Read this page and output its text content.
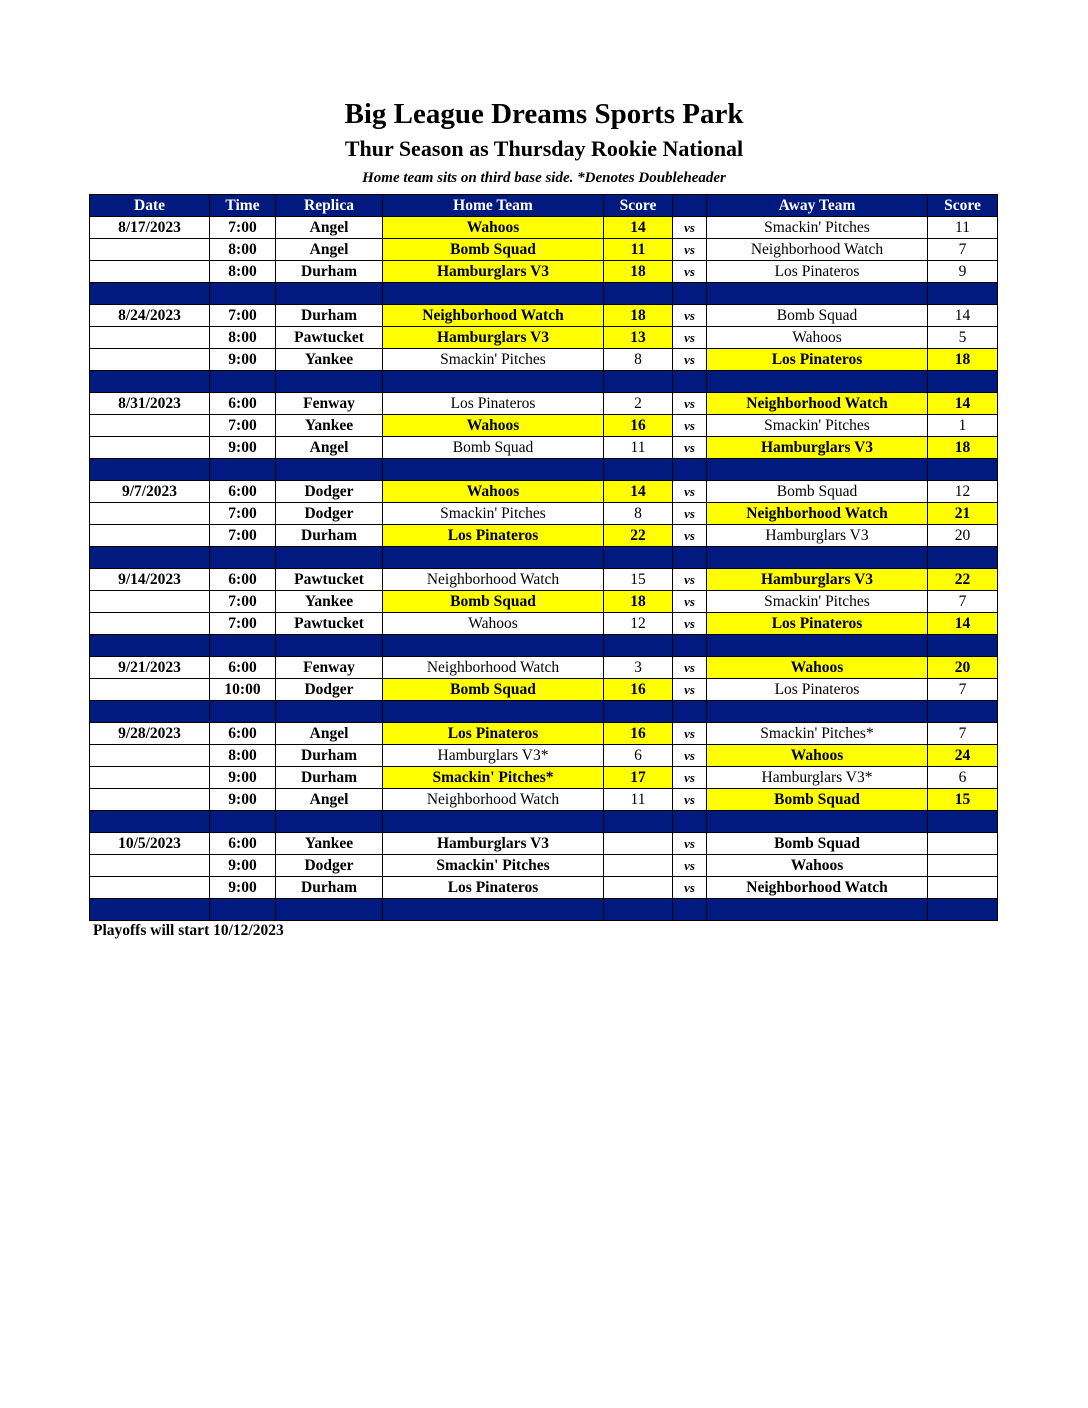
Big League Dreams Sports Park
Thur Season as Thursday Rookie National

Home team sits on third base side. *Denotes Doubleheader

Date	Time	Replica	Home Team	Score		Away Team	Score
8/17/2023	7:00	Angel	Wahoos	14	vs	Smackin' Pitches	11
	8:00	Angel	Bomb Squad	11	vs	Neighborhood Watch	7
	8:00	Durham	Hamburglars V3	18	vs	Los Pinateros	9

8/24/2023	7:00	Durham	Neighborhood Watch	18	vs	Bomb Squad	14
	8:00	Pawtucket	Hamburglars V3	13	vs	Wahoos	5
	9:00	Yankee	Smackin' Pitches	8	vs	Los Pinateros	18

8/31/2023	6:00	Fenway	Los Pinateros	2	vs	Neighborhood Watch	14
	7:00	Yankee	Wahoos	16	vs	Smackin' Pitches	1
	9:00	Angel	Bomb Squad	11	vs	Hamburglars V3	18

9/7/2023	6:00	Dodger	Wahoos	14	vs	Bomb Squad	12
	7:00	Dodger	Smackin' Pitches	8	vs	Neighborhood Watch	21
	7:00	Durham	Los Pinateros	22	vs	Hamburglars V3	20

9/14/2023	6:00	Pawtucket	Neighborhood Watch	15	vs	Hamburglars V3	22
	7:00	Yankee	Bomb Squad	18	vs	Smackin' Pitches	7
	7:00	Pawtucket	Wahoos	12	vs	Los Pinateros	14

9/21/2023	6:00	Fenway	Neighborhood Watch	3	vs	Wahoos	20
	10:00	Dodger	Bomb Squad	16	vs	Los Pinateros	7

9/28/2023	6:00	Angel	Los Pinateros	16	vs	Smackin' Pitches*	7
	8:00	Durham	Hamburglars V3*	6	vs	Wahoos	24
	9:00	Durham	Smackin' Pitches*	17	vs	Hamburglars V3*	6
	9:00	Angel	Neighborhood Watch	11	vs	Bomb Squad	15

10/5/2023	6:00	Yankee	Hamburglars V3		vs	Bomb Squad	
	9:00	Dodger	Smackin' Pitches		vs	Wahoos	
	9:00	Durham	Los Pinateros		vs	Neighborhood Watch	

Playoffs will start 10/12/2023
